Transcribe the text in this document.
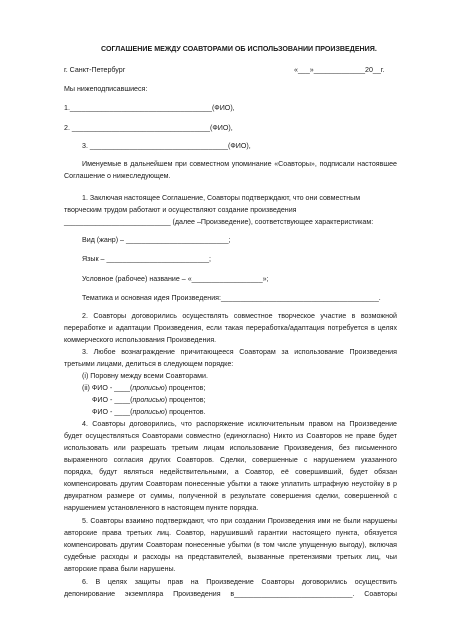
СОГЛАШЕНИЕ МЕЖДУ СОАВТОРАМИ ОБ ИСПОЛЬЗОВАНИИ ПРОИЗВЕДЕНИЯ.
г. Санкт-Петербург	«___»_____________20__г.
Мы нижеподписавшиеся:
1.____________________________________(ФИО),
2. ___________________________________(ФИО),
3. ___________________________________(ФИО),

Именуемые в дальнейшем при совместном упоминание «Соавторы», подписали настоявшее

Соглашение о нижеследующем.

1. Заключая настоящее Соглашение, Соавторы подтверждают, что они совместным

творческим трудом работают и осуществляют создание произведения

___________________________ (далее –Произведение), соответствующее характеристикам:

Вид (жанр) – __________________________;
Язык – __________________________;
Условное (рабочее) название – «__________________»;
Тематика и основная идея Произведения:________________________________________.

2. Соавторы договорились осуществлять совместное творческое участие в возможной

переработке и адаптации Произведения, если такая переработка/адаптация потребуется в целях

коммерческого использования Произведения.

3. Любое вознаграждение причитающееся Соавторам за использование Произведения

третьими лицами, делиться в следующем порядке:

(i) Поровну между всеми Соавторами.

(ii) ФИО - ____(прописью) процентов;

ФИО - ____(прописью) процентов;

ФИО - ____(прописью) процентов.

4. Соавторы договорились, что распоряжение исключительным правом на Произведение

будет осуществляться Соавторами совместно (единогласно) Никто из Соавторов не праве будет

использовать или разрешать третьим лицам использование Произведения, без письменного

выраженного согласия других Соавторов. Сделки, совершенные с нарушением указанного

порядка, будут являться недействительными, а Соавтор, её совершивший, будет обязан

компенсировать другим Соавторам понесенные убытки а также уплатить штрафную неустойку в р

двукратном размере от суммы, полученной в результате совершения сделки, совершенной с

нарушением установленного в настоящем пункте порядка.

5. Соавторы взаимно подтверждают, что при создании Произведения ими не были нарушены

авторские права третьих лиц. Соавтор, нарушивший гарантии настоящего пункта, обязуется

компенсировать другим Соавторам понесенные убытки (в том числе упущенную выгоду), включая

судебные расходы и расходы на представителей, вызванные претензиями третьих лиц, чьи

авторские права были нарушены.

6. В целях защиты прав на Произведение Соавторы договорились осуществить

депонирование экземпляра Произведения в______________________________. Соавторы
